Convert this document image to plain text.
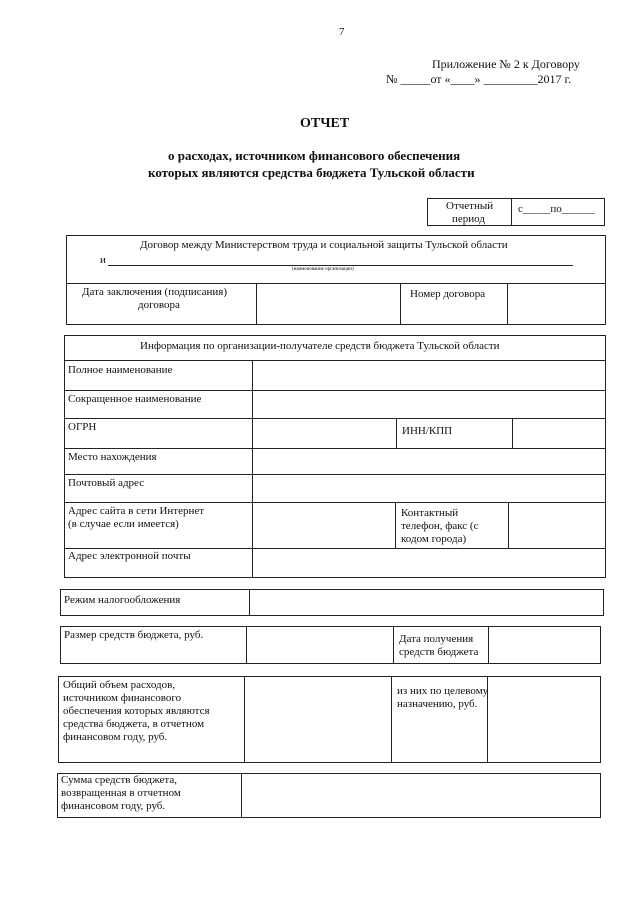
7
Приложение № 2 к Договору
№ _____от «____» _________2017 г.
ОТЧЕТ
о расходах, источником финансового обеспечения
которых являются средства бюджета Тульской области
Отчетный
период
с_____по______
Договор между Министерством труда и социальной защиты Тульской области
и
(наименование организации)
Дата заключения (подписания)
договора
Номер договора
Информация по организации-получателе средств бюджета Тульской области
Полное наименование
Сокращенное наименование
ОГРН	ИНН/КПП
Место нахождения
Почтовый адрес
Адрес сайта в сети Интернет
(в случае если имеется)
Контактный
телефон, факс (с
кодом города)
Адрес электронной почты
Режим налогообложения
Размер средств бюджета, руб.	Дата получения
средств бюджета
Общий объем расходов,
источником финансового
обеспечения которых являются
средства бюджета, в отчетном
финансовом году, руб.
из них по целевому
назначению, руб.
Сумма средств бюджета,
возвращенная в отчетном
финансовом году, руб.
